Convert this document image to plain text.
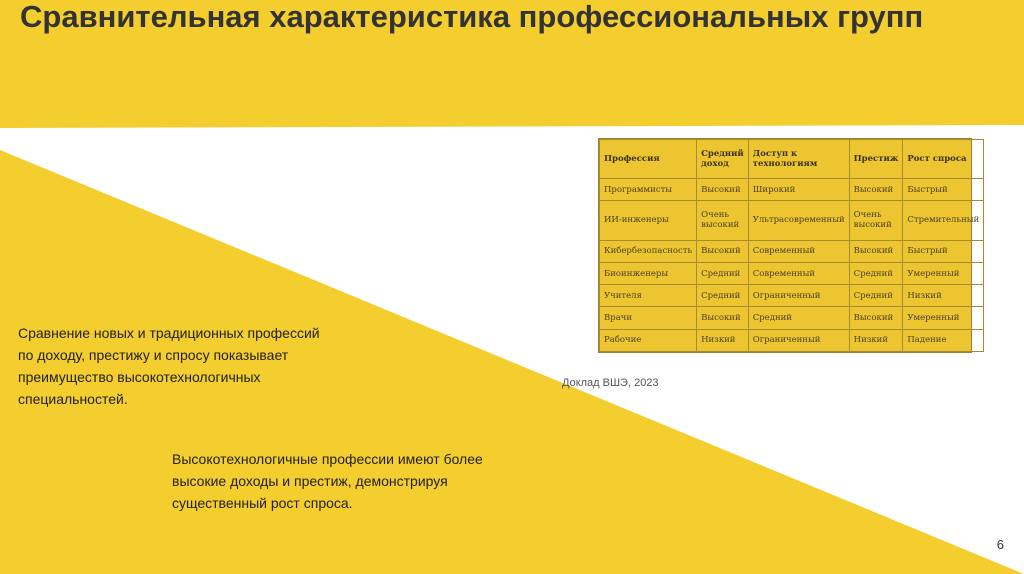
Сравнительная характеристика профессиональных групп
Профессия	Средний доход	Доступ к технологиям	Престиж	Рост спроса
Программисты	Высокий	Широкий	Высокий	Быстрый
ИИ-инженеры	Очень высокий	Ультрасовременный	Очень высокий	Стремительный
Кибербезопасность	Высокий	Современный	Высокий	Быстрый
Биоинженеры	Средний	Современный	Средний	Умеренный
Учителя	Средний	Ограниченный	Средний	Низкий
Врачи	Высокий	Средний	Высокий	Умеренный
Рабочие	Низкий	Ограниченный	Низкий	Падение
Доклад ВШЭ, 2023
Сравнение новых и традиционных профессий по доходу, престижу и спросу показывает преимущество высокотехнологичных специальностей.
Высокотехнологичные профессии имеют более высокие доходы и престиж, демонстрируя существенный рост спроса.
6
